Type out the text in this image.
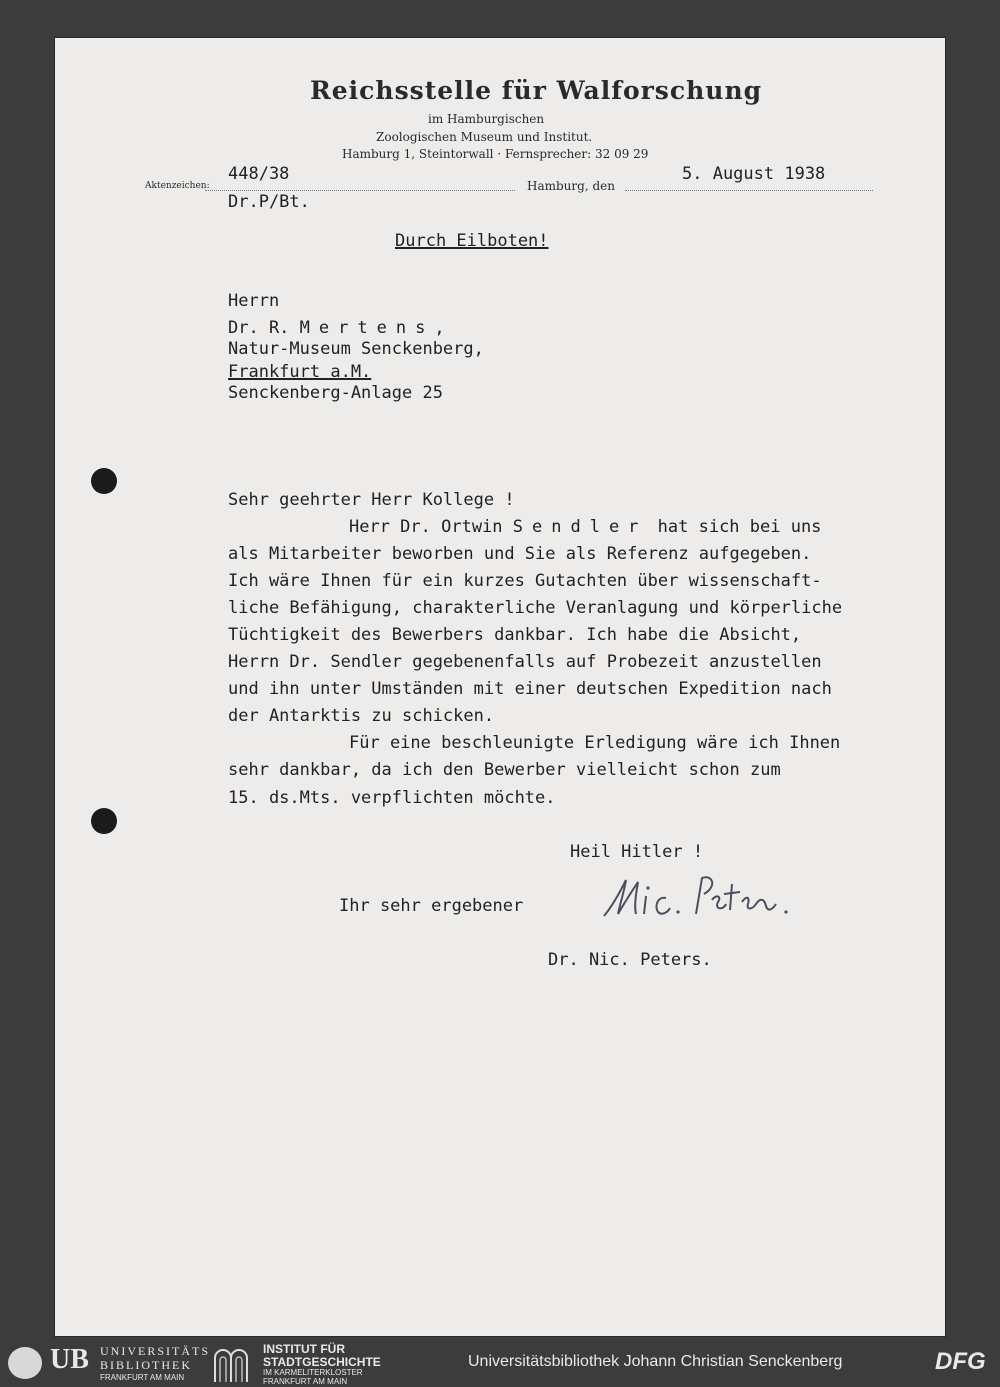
Reichsstelle für Walforschung
im Hamburgischen
Zoologischen Museum und Institut.
Hamburg 1, Steintorwall · Fernsprecher: 32 09 29
Aktenzeichen:
448/38
Dr.P/Bt.
Hamburg, den
5. August 1938
Durch Eilboten!
Herrn
Dr. R. Mertens,
Natur-Museum Senckenberg,
Frankfurt a.M.
Senckenberg-Anlage 25
Sehr geehrter Herr Kollege !
Herr Dr. Ortwin Sendler hat sich bei uns
als Mitarbeiter beworben und Sie als Referenz aufgegeben.
Ich wäre Ihnen für ein kurzes Gutachten über wissenschaft-
liche Befähigung, charakterliche Veranlagung und körperliche
Tüchtigkeit des Bewerbers dankbar. Ich habe die Absicht,
Herrn Dr. Sendler gegebenenfalls auf Probezeit anzustellen
und ihn unter Umständen mit einer deutschen Expedition nach
der Antarktis zu schicken.
Für eine beschleunigte Erledigung wäre ich Ihnen
sehr dankbar, da ich den Bewerber vielleicht schon zum
15. ds.Mts. verpflichten möchte.
Heil Hitler !
Ihr sehr ergebener
Dr. Nic. Peters.
UB UNIVERSITÄTS
BIBLIOTHEK
FRANKFURT AM MAIN
INSTITUT FÜR
STADTGESCHICHTE
IM KARMELITERKLOSTER
FRANKFURT AM MAIN
Universitätsbibliothek Johann Christian Senckenberg	DFG
